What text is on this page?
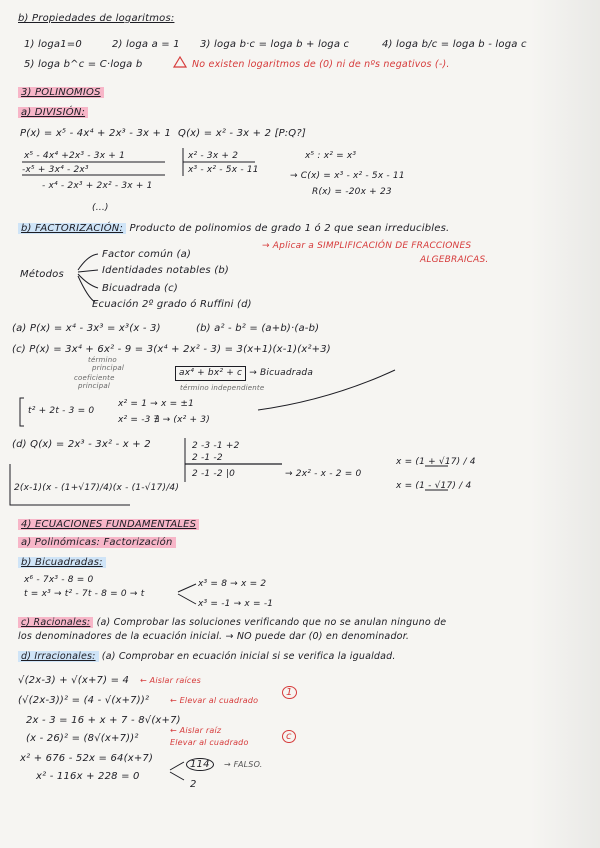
b) Propiedades de logaritmos:
1) loga1=0	2) loga a = 1 3) loga b·c = loga b + loga c	4) loga b/c = loga b - loga c
5) loga b^c = C·loga b	No existen logaritmos de (0) ni de nºs negativos (-).
3) POLINOMIOS
a) DIVISIÓN:
P(x) = x⁵ - 4x⁴ + 2x³ - 3x + 1 Q(x) = x² - 3x + 2 [P:Q?]
x⁵ - 4x⁴ +2x³ - 3x + 1	x² - 3x + 2
-x⁵ + 3x⁴ - 2x³	x³ - x² - 5x - 11
- x⁴ - 2x³ + 2x² - 3x + 1
(...)
x⁵ : x² = x³
→ C(x) = x³ - x² - 5x - 11
R(x) = -20x + 23
b) FACTORIZACIÓN: Producto de polinomios de grado 1 ó 2 que sean irreducibles.
Métodos
Factor común (a)
Identidades notables (b)
Bicuadrada (c)
Ecuación 2º grado ó Ruffini (d)
→ Aplicar a SIMPLIFICACIÓN DE FRACCIONES
ALGEBRAICAS.
(a) P(x) = x⁴ - 3x³ = x³(x - 3)	(b) a² - b² = (a+b)·(a-b)
(c) P(x) = 3x⁴ + 6x² - 9 = 3(x⁴ + 2x² - 3) = 3(x+1)(x-1)(x²+3)
término
principal
coeficiente
principal
ax⁴ + bx² + c → Bicuadrada
término independiente
t² + 2t - 3 = 0
x² = 1 → x = ±1
x² = -3 ∄ → (x² + 3)
(d) Q(x) = 2x³ - 3x² - x + 2	2 -3 -1 +2
2 -1 -2
2 -1 -2 |0	→ 2x² - x - 2 = 0
x = (1 + √17) / 4
x = (1 - √17) / 4
2(x-1)(x - (1+√17)/4)(x - (1-√17)/4)
4) ECUACIONES FUNDAMENTALES
a) Polinómicas: Factorización
b) Bicuadradas:
x⁶ - 7x³ - 8 = 0
t = x³ → t² - 7t - 8 = 0 → t
x³ = 8 → x = 2
x³ = -1 → x = -1
c) Racionales: (a) Comprobar las soluciones verificando que no se anulan ninguno de
los denominadores de la ecuación inicial. → NO puede dar (0) en denominador.
d) Irracionales: (a) Comprobar en ecuación inicial si se verifica la igualdad.
√(2x-3) + √(x+7) = 4 ← Aislar raíces
(√(2x-3))² = (4 - √(x+7))²	← Elevar al cuadrado
1
2x - 3 = 16 + x + 7 - 8√(x+7)
(x - 26)² = (8√(x+7))²
← Aislar raíz
Elevar al cuadrado
c
x² + 676 - 52x = 64(x+7)
x² - 116x + 228 = 0
114	→ FALSO.
2
